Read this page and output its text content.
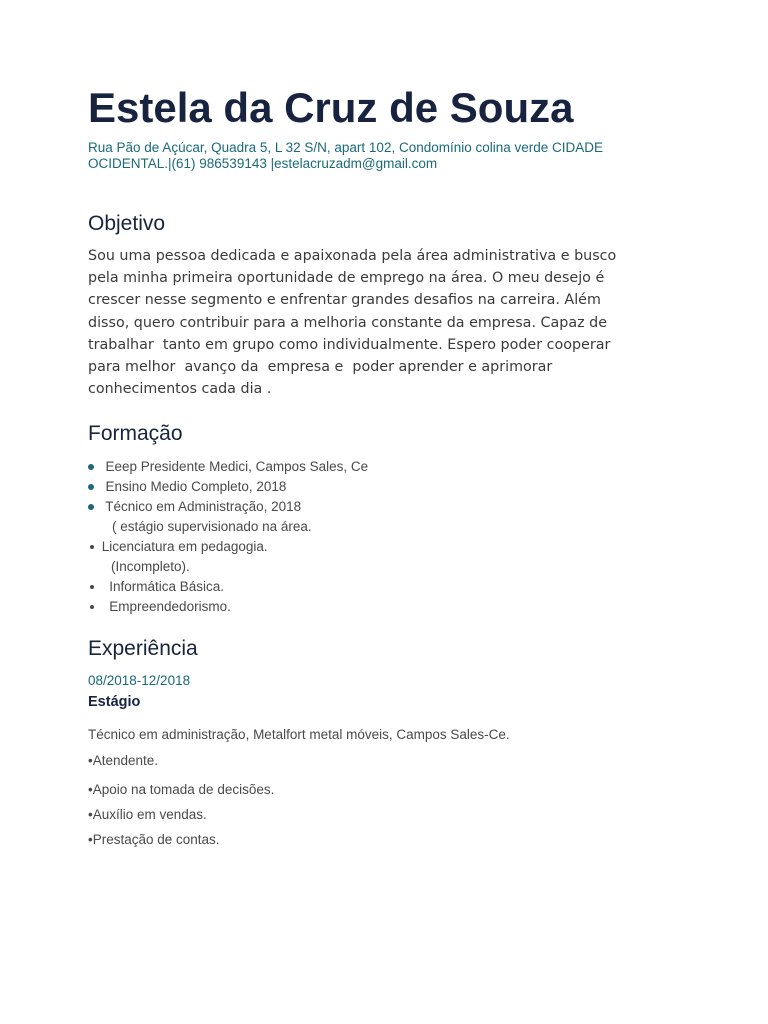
Estela da Cruz de Souza
Rua Pão de Açúcar, Quadra 5, L 32 S/N, apart 102, Condomínio colina verde CIDADE
OCIDENTAL.|(61) 986539143 |estelacruzadm@gmail.com
Objetivo

Sou uma pessoa dedicada e apaixonada pela área administrativa e busco
pela minha primeira oportunidade de emprego na área. O meu desejo é
crescer nesse segmento e enfrentar grandes desafios na carreira. Além
disso, quero contribuir para a melhoria constante da empresa. Capaz de
trabalhar  tanto em grupo como individualmente. Espero poder cooperar
para melhor  avanço da  empresa e  poder aprender e aprimorar
conhecimentos cada dia .

Formação
Eeep Presidente Medici, Campos Sales, Ce
Ensino Medio Completo, 2018
Técnico em Administração, 2018
( estágio supervisionado na área.
Licenciatura em pedagogia.
(Incompleto).
Informática Básica.
Empreendedorismo.
Experiência
08/2018-12/2018
Estágio
Técnico em administração, Metalfort metal móveis, Campos Sales-Ce.
•Atendente.
•Apoio na tomada de decisões.
•Auxílio em vendas.
•Prestação de contas.
